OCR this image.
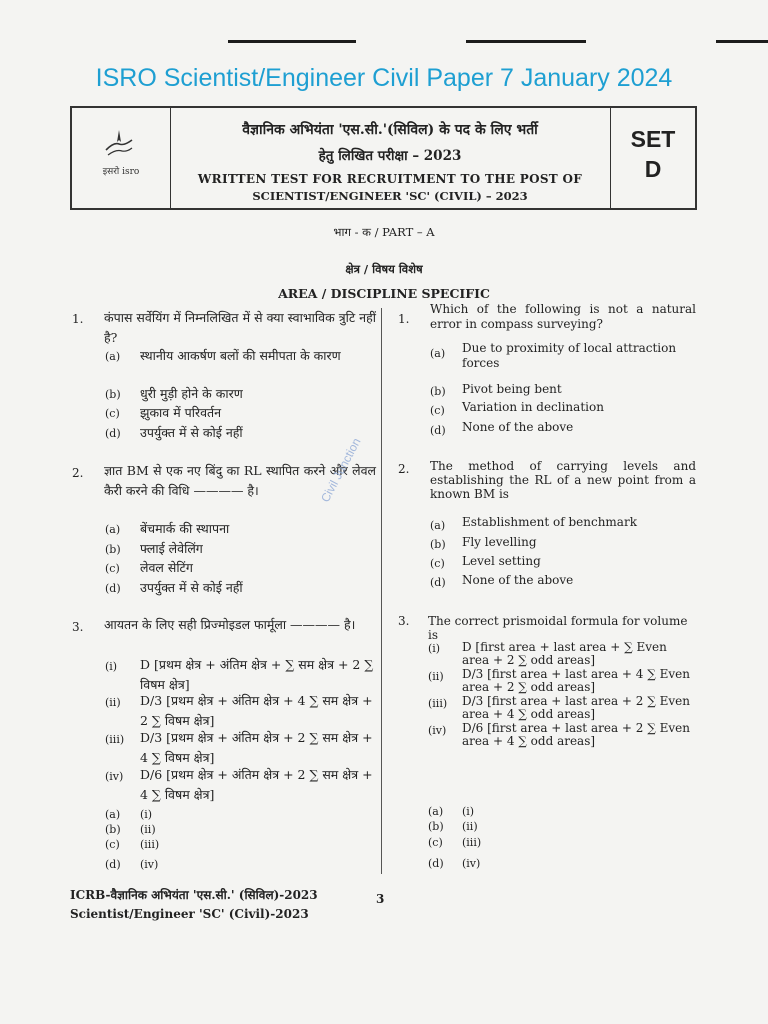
ISRO Scientist/Engineer Civil Paper 7 January 2024
इसरो isro
वैज्ञानिक अभियंता 'एस.सी.'(सिविल) के पद के लिए भर्ती
हेतु लिखित परीक्षा – 2023
WRITTEN TEST FOR RECRUITMENT TO THE POST OF
SCIENTIST/ENGINEER 'SC' (CIVIL) – 2023
SET
D
भाग - क / PART – A
क्षेत्र / विषय विशेष
AREA / DISCIPLINE SPECIFIC
1. कंपास सर्वेयिंग में निम्नलिखित में से क्या स्वाभाविक त्रुटि नहीं है?
(a) स्थानीय आकर्षण बलों की समीपता के कारण
(b) धुरी मुड़ी होने के कारण
(c) झुकाव में परिवर्तन
(d) उपर्युक्त में से कोई नहीं
2. ज्ञात BM से एक नए बिंदु का RL स्थापित करने और लेवल कैरी करने की विधि ———— है।
(a) बेंचमार्क की स्थापना
(b) फ्लाई लेवेलिंग
(c) लेवल सेटिंग
(d) उपर्युक्त में से कोई नहीं
3. आयतन के लिए सही प्रिज्मोइडल फार्मूला ———— है।
(i) D [प्रथम क्षेत्र + अंतिम क्षेत्र + ∑ सम क्षेत्र + 2 ∑ विषम क्षेत्र]
(ii) D/3 [प्रथम क्षेत्र + अंतिम क्षेत्र + 4 ∑ सम क्षेत्र + 2 ∑ विषम क्षेत्र]
(iii) D/3 [प्रथम क्षेत्र + अंतिम क्षेत्र + 2 ∑ सम क्षेत्र + 4 ∑ विषम क्षेत्र]
(iv) D/6 [प्रथम क्षेत्र + अंतिम क्षेत्र + 2 ∑ सम क्षेत्र + 4 ∑ विषम क्षेत्र]
(a) (i)
(b) (ii)
(c) (iii)
(d) (iv)
1.
Which of the following is not a natural error in compass surveying?
(a) Due to proximity of local attraction forces
(b) Pivot being bent
(c) Variation in declination
(d) None of the above
2. The method of carrying levels and establishing the RL of a new point from a known BM is
(a) Establishment of benchmark
(b) Fly levelling
(c) Level setting
(d) None of the above
3. The correct prismoidal formula for volume is
(i) D [first area + last area + ∑ Even area + 2 ∑ odd areas]
(ii) D/3 [first area + last area + 4 ∑ Even area + 2 ∑ odd areas]
(iii) D/3 [first area + last area + 2 ∑ Even area + 4 ∑ odd areas]
(iv) D/6 [first area + last area + 2 ∑ Even area + 4 ∑ odd areas]
(a) (i)
(b) (ii)
(c) (iii)
(d) (iv)
Civil Junction
ICRB-वैज्ञानिक अभियंता 'एस.सी.' (सिविल)-2023	3
Scientist/Engineer 'SC' (Civil)-2023
